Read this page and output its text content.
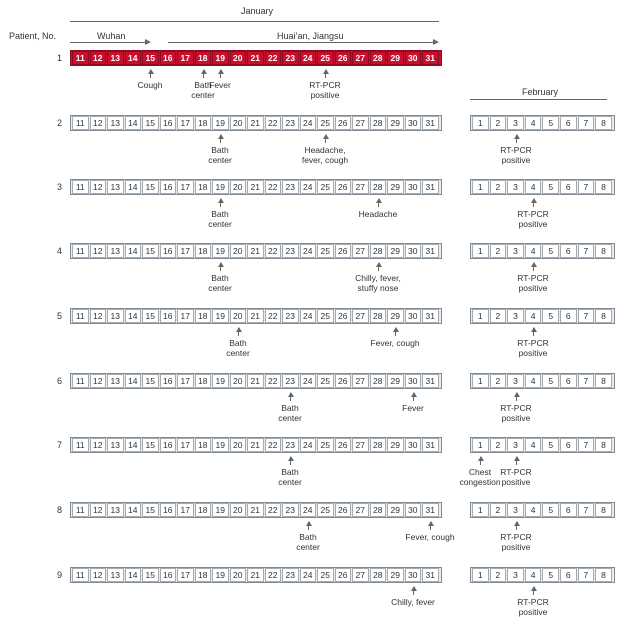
January
Patient, No.	Wuhan	Huai’an, Jiangsu
February
1	11 12 13 14 15 16 17 18 19 20 21 22 23 24 25 26 27 28 29 30 31
Cough	Bath
center
Fever	RT-PCR
positive
2	11 12 13 14 15 16 17 18 19 20 21 22 23 24 25 26 27 28 29 30 31	1	2	3	4	5	6	7	8
Bath
center
Headache,
fever, cough
RT-PCR
positive
3	11 12 13 14 15 16 17 18 19 20 21 22 23 24 25 26 27 28 29 30 31	1	2	3	4	5	6	7	8
Bath
center
Headache	RT-PCR
positive
4	11 12 13 14 15 16 17 18 19 20 21 22 23 24 25 26 27 28 29 30 31	1	2	3	4	5	6	7	8
Bath
center
Chilly, fever,
stuffy nose
RT-PCR
positive
5	11 12 13 14 15 16 17 18 19 20 21 22 23 24 25 26 27 28 29 30 31	1	2	3	4	5	6	7	8
Bath
center
Fever, cough	RT-PCR
positive
6	11 12 13 14 15 16 17 18 19 20 21 22 23 24 25 26 27 28 29 30 31	1	2	3	4	5	6	7	8
Bath
center
Fever	RT-PCR
positive
7	11 12 13 14 15 16 17 18 19 20 21 22 23 24 25 26 27 28 29 30 31	1	2	3	4	5	6	7	8
Bath
center
Chest
congestion
RT-PCR
positive
8	11 12 13 14 15 16 17 18 19 20 21 22 23 24 25 26 27 28 29 30 31	1	2	3	4	5	6	7	8
Bath
center
Fever, cough	RT-PCR
positive
9	11 12 13 14 15 16 17 18 19 20 21 22 23 24 25 26 27 28 29 30 31	1	2	3	4	5	6	7	8
Chilly, fever	RT-PCR
positive
